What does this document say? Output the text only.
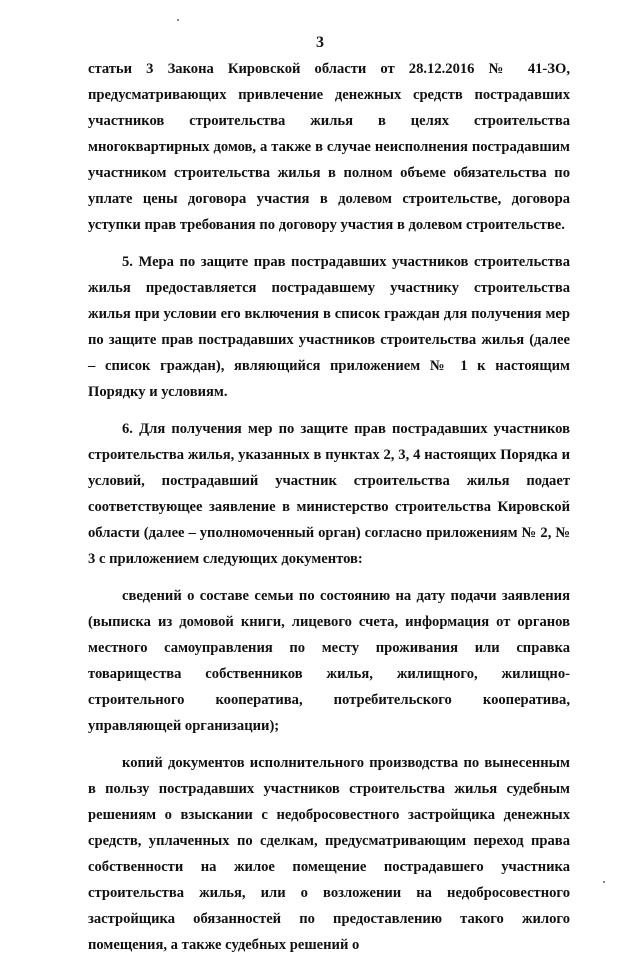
3

статьи 3 Закона Кировской области от 28.12.2016 № 41-ЗО, предусматривающих привлечение денежных средств пострадавших участников строительства жилья в целях строительства многоквартирных домов, а также в случае неисполнения пострадавшим участником строительства жилья в полном объеме обязательства по уплате цены договора участия в долевом строительстве, договора уступки прав требования по договору участия в долевом строительстве.

5. Мера по защите прав пострадавших участников строительства жилья предоставляется пострадавшему участнику строительства жилья при условии его включения в список граждан для получения мер по защите прав пострадавших участников строительства жилья (далее – список граждан), являющийся приложением № 1 к настоящим Порядку и условиям.

6. Для получения мер по защите прав пострадавших участников строительства жилья, указанных в пунктах 2, 3, 4 настоящих Порядка и условий, пострадавший участник строительства жилья подает соответствующее заявление в министерство строительства Кировской области (далее – уполномоченный орган) согласно приложениям № 2, № 3 с приложением следующих документов:

сведений о составе семьи по состоянию на дату подачи заявления (выписка из домовой книги, лицевого счета, информация от органов местного самоуправления по месту проживания или справка товарищества собственников жилья, жилищного, жилищно-строительного кооператива, потребительского кооператива, управляющей организации);

копий документов исполнительного производства по вынесенным в пользу пострадавших участников строительства жилья судебным решениям о взыскании с недобросовестного застройщика денежных средств, уплаченных по сделкам, предусматривающим переход права собственности на жилое помещение пострадавшего участника строительства жилья, или о возложении на недобросовестного застройщика обязанностей по предоставлению такого жилого помещения, а также судебных решений о
